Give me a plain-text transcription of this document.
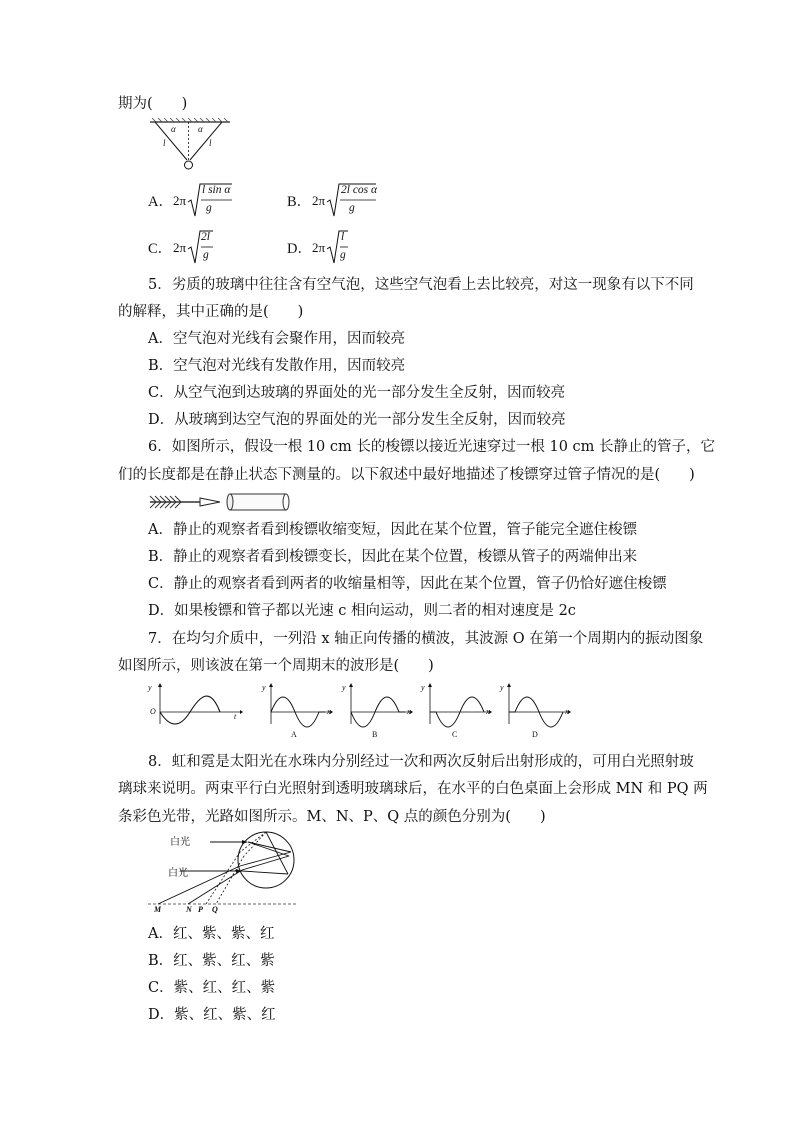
期为(　　)
α α
l	l
A． 2π
l sin α
g	B． 2π
2l cos α
g
C． 2π
2l
g	D． 2π
l
g
5．劣质的玻璃中往往含有空气泡，这些空气泡看上去比较亮，对这一现象有以下不同
的解释，其中正确的是(　　)
A．空气泡对光线有会聚作用，因而较亮
B．空气泡对光线有发散作用，因而较亮
C．从空气泡到达玻璃的界面处的光一部分发生全反射，因而较亮
D．从玻璃到达空气泡的界面处的光一部分发生全反射，因而较亮
6．如图所示，假设一根 10 cm 长的梭镖以接近光速穿过一根 10 cm 长静止的管子，它
们的长度都是在静止状态下测量的。以下叙述中最好地描述了梭镖穿过管子情况的是(　　)
A．静止的观察者看到梭镖收缩变短，因此在某个位置，管子能完全遮住梭镖
B．静止的观察者看到梭镖变长，因此在某个位置，梭镖从管子的两端伸出来
C．静止的观察者看到两者的收缩量相等，因此在某个位置，管子仍恰好遮住梭镖
D．如果梭镖和管子都以光速 c 相向运动，则二者的相对速度是 2c
7．在均匀介质中，一列沿 x 轴正向传播的横波，其波源 O 在第一个周期内的振动图象
如图所示，则该波在第一个周期末的波形是(　　)
y
O
t
y
x
A
y
x
B
y
x
C
y
x
D
8．虹和霓是太阳光在水珠内分别经过一次和两次反射后出射形成的，可用白光照射玻
璃球来说明。两束平行白光照射到透明玻璃球后，在水平的白色桌面上会形成 MN 和 PQ 两
条彩色光带，光路如图所示。M、N、P、Q 点的颜色分别为(　　)
白光
白光
M	N P Q
A．红、紫、紫、红
B．红、紫、红、紫
C．紫、红、红、紫
D．紫、红、紫、红
